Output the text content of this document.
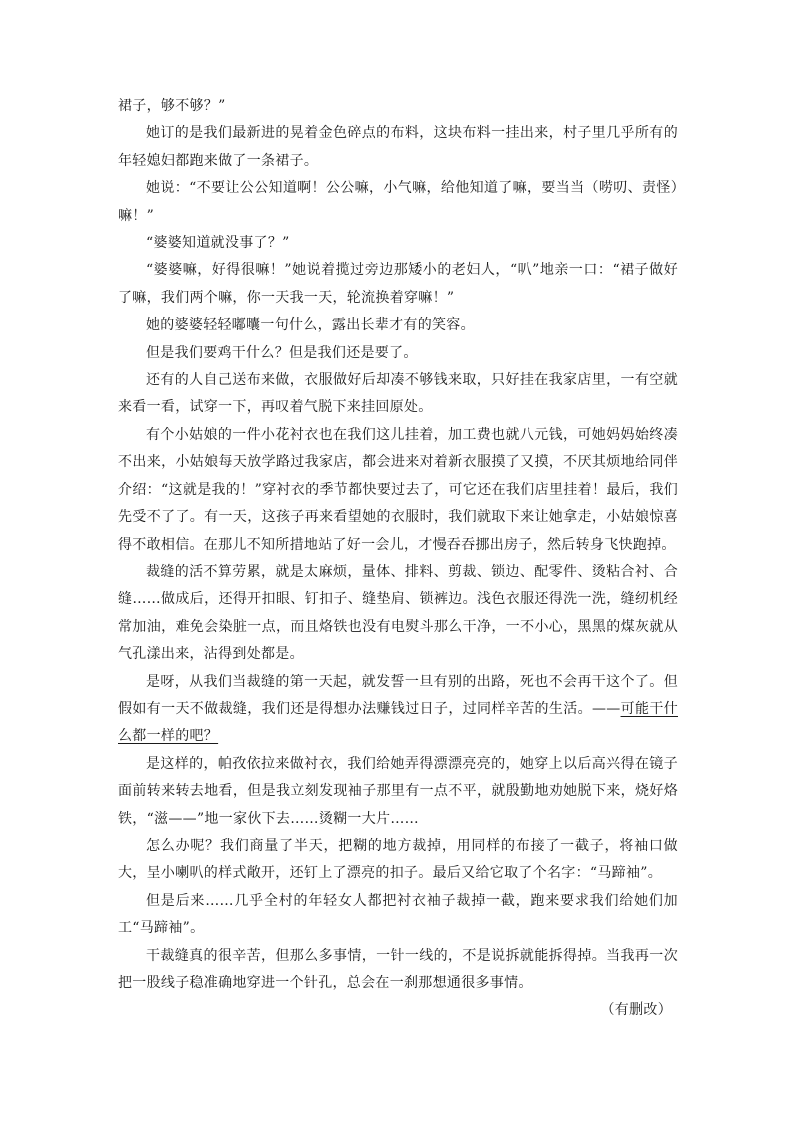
裙子，够不够？”

她订的是我们最新进的晃着金色碎点的布料，这块布料一挂出来，村子里几乎所有的年轻媳妇都跑来做了一条裙子。

她说：“不要让公公知道啊！公公嘛，小气嘛，给他知道了嘛，要当当（唠叨、责怪）嘛！”

“婆婆知道就没事了？”

“婆婆嘛，好得很嘛！”她说着揽过旁边那矮小的老妇人，“叭”地亲一口：“裙子做好了嘛，我们两个嘛，你一天我一天，轮流换着穿嘛！”

她的婆婆轻轻嘟囔一句什么，露出长辈才有的笑容。

但是我们要鸡干什么？但是我们还是要了。

还有的人自己送布来做，衣服做好后却凑不够钱来取，只好挂在我家店里，一有空就来看一看，试穿一下，再叹着气脱下来挂回原处。

有个小姑娘的一件小花衬衣也在我们这儿挂着，加工费也就八元钱，可她妈妈始终凑不出来，小姑娘每天放学路过我家店，都会进来对着新衣服摸了又摸，不厌其烦地给同伴介绍：“这就是我的！”穿衬衣的季节都快要过去了，可它还在我们店里挂着！最后，我们先受不了了。有一天，这孩子再来看望她的衣服时，我们就取下来让她拿走，小姑娘惊喜得不敢相信。在那儿不知所措地站了好一会儿，才慢吞吞挪出房子，然后转身飞快跑掉。

裁缝的活不算劳累，就是太麻烦，量体、排料、剪裁、锁边、配零件、烫粘合衬、合缝……做成后，还得开扣眼、钉扣子、缝垫肩、锁裤边。浅色衣服还得洗一洗，缝纫机经常加油，难免会染脏一点，而且烙铁也没有电熨斗那么干净，一不小心，黑黑的煤灰就从气孔漾出来，沾得到处都是。

是呀，从我们当裁缝的第一天起，就发誓一旦有别的出路，死也不会再干这个了。但假如有一天不做裁缝，我们还是得想办法赚钱过日子，过同样辛苦的生活。——可能干什么都一样的吧？

是这样的，帕孜依拉来做衬衣，我们给她弄得漂漂亮亮的，她穿上以后高兴得在镜子面前转来转去地看，但是我立刻发现袖子那里有一点不平，就殷勤地劝她脱下来，烧好烙铁，“滋——”地一家伙下去……烫糊一大片……

怎么办呢？我们商量了半天，把糊的地方裁掉，用同样的布接了一截子，将袖口做大，呈小喇叭的样式敞开，还钉上了漂亮的扣子。最后又给它取了个名字：“马蹄袖”。

但是后来……几乎全村的年轻女人都把衬衣袖子裁掉一截，跑来要求我们给她们加工“马蹄袖”。

干裁缝真的很辛苦，但那么多事情，一针一线的，不是说拆就能拆得掉。当我再一次把一股线子稳准确地穿进一个针孔，总会在一刹那想通很多事情。

（有删改）
